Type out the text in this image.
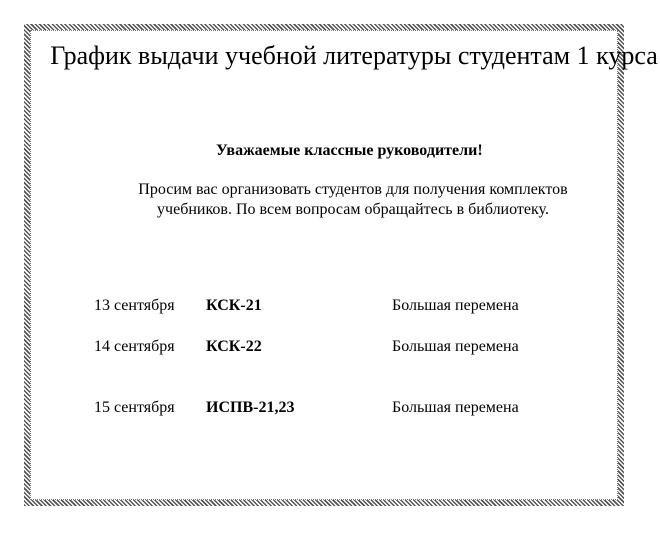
График выдачи учебной литературы студентам 1 курса

Уважаемые классные руководители!

Просим вас организовать студентов для получения комплектов учебников. По всем вопросам обращайтесь в библиотеку.

13 сентября КСК-21	Большая перемена
14 сентября КСК-22	Большая перемена
15 сентября ИСПВ-21,23	Большая перемена
